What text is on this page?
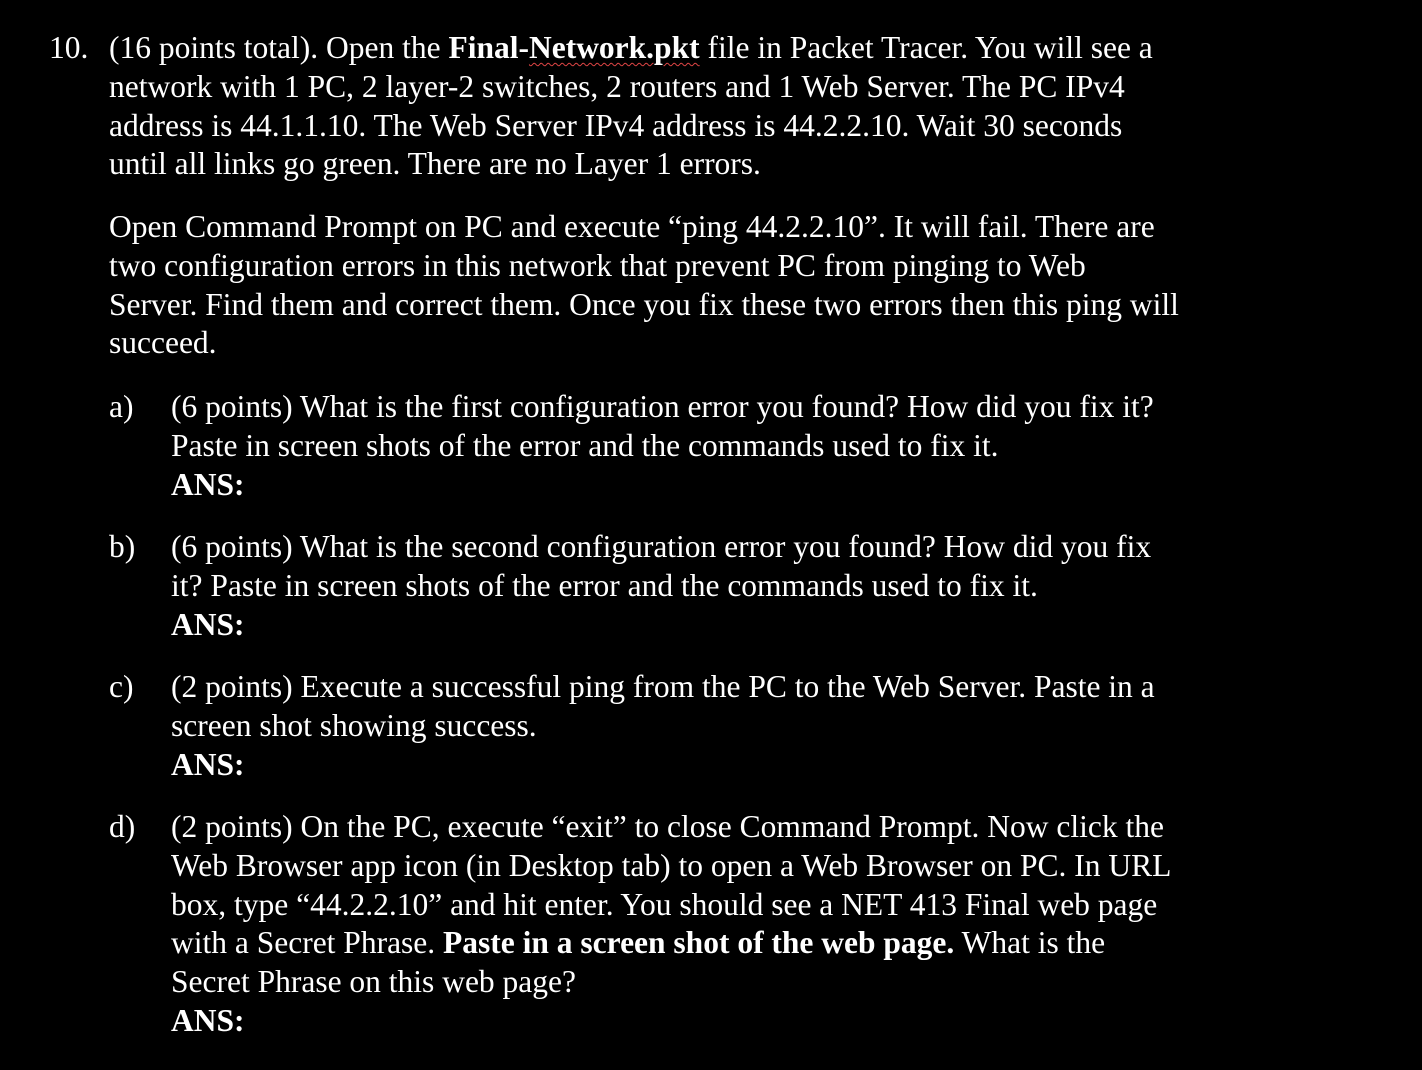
10. (16 points total). Open the Final-Network.pkt file in Packet Tracer. You will see a
network with 1 PC, 2 layer-2 switches, 2 routers and 1 Web Server. The PC IPv4
address is 44.1.1.10. The Web Server IPv4 address is 44.2.2.10. Wait 30 seconds
until all links go green. There are no Layer 1 errors.
Open Command Prompt on PC and execute “ping 44.2.2.10”. It will fail. There are
two configuration errors in this network that prevent PC from pinging to Web
Server. Find them and correct them. Once you fix these two errors then this ping will
succeed.
a) (6 points) What is the first configuration error you found? How did you fix it?
Paste in screen shots of the error and the commands used to fix it.
ANS:
b) (6 points) What is the second configuration error you found? How did you fix
it? Paste in screen shots of the error and the commands used to fix it.
ANS:
c) (2 points) Execute a successful ping from the PC to the Web Server. Paste in a
screen shot showing success.
ANS:
d) (2 points) On the PC, execute “exit” to close Command Prompt. Now click the
Web Browser app icon (in Desktop tab) to open a Web Browser on PC. In URL
box, type “44.2.2.10” and hit enter. You should see a NET 413 Final web page
with a Secret Phrase. Paste in a screen shot of the web page. What is the
Secret Phrase on this web page?
ANS:
